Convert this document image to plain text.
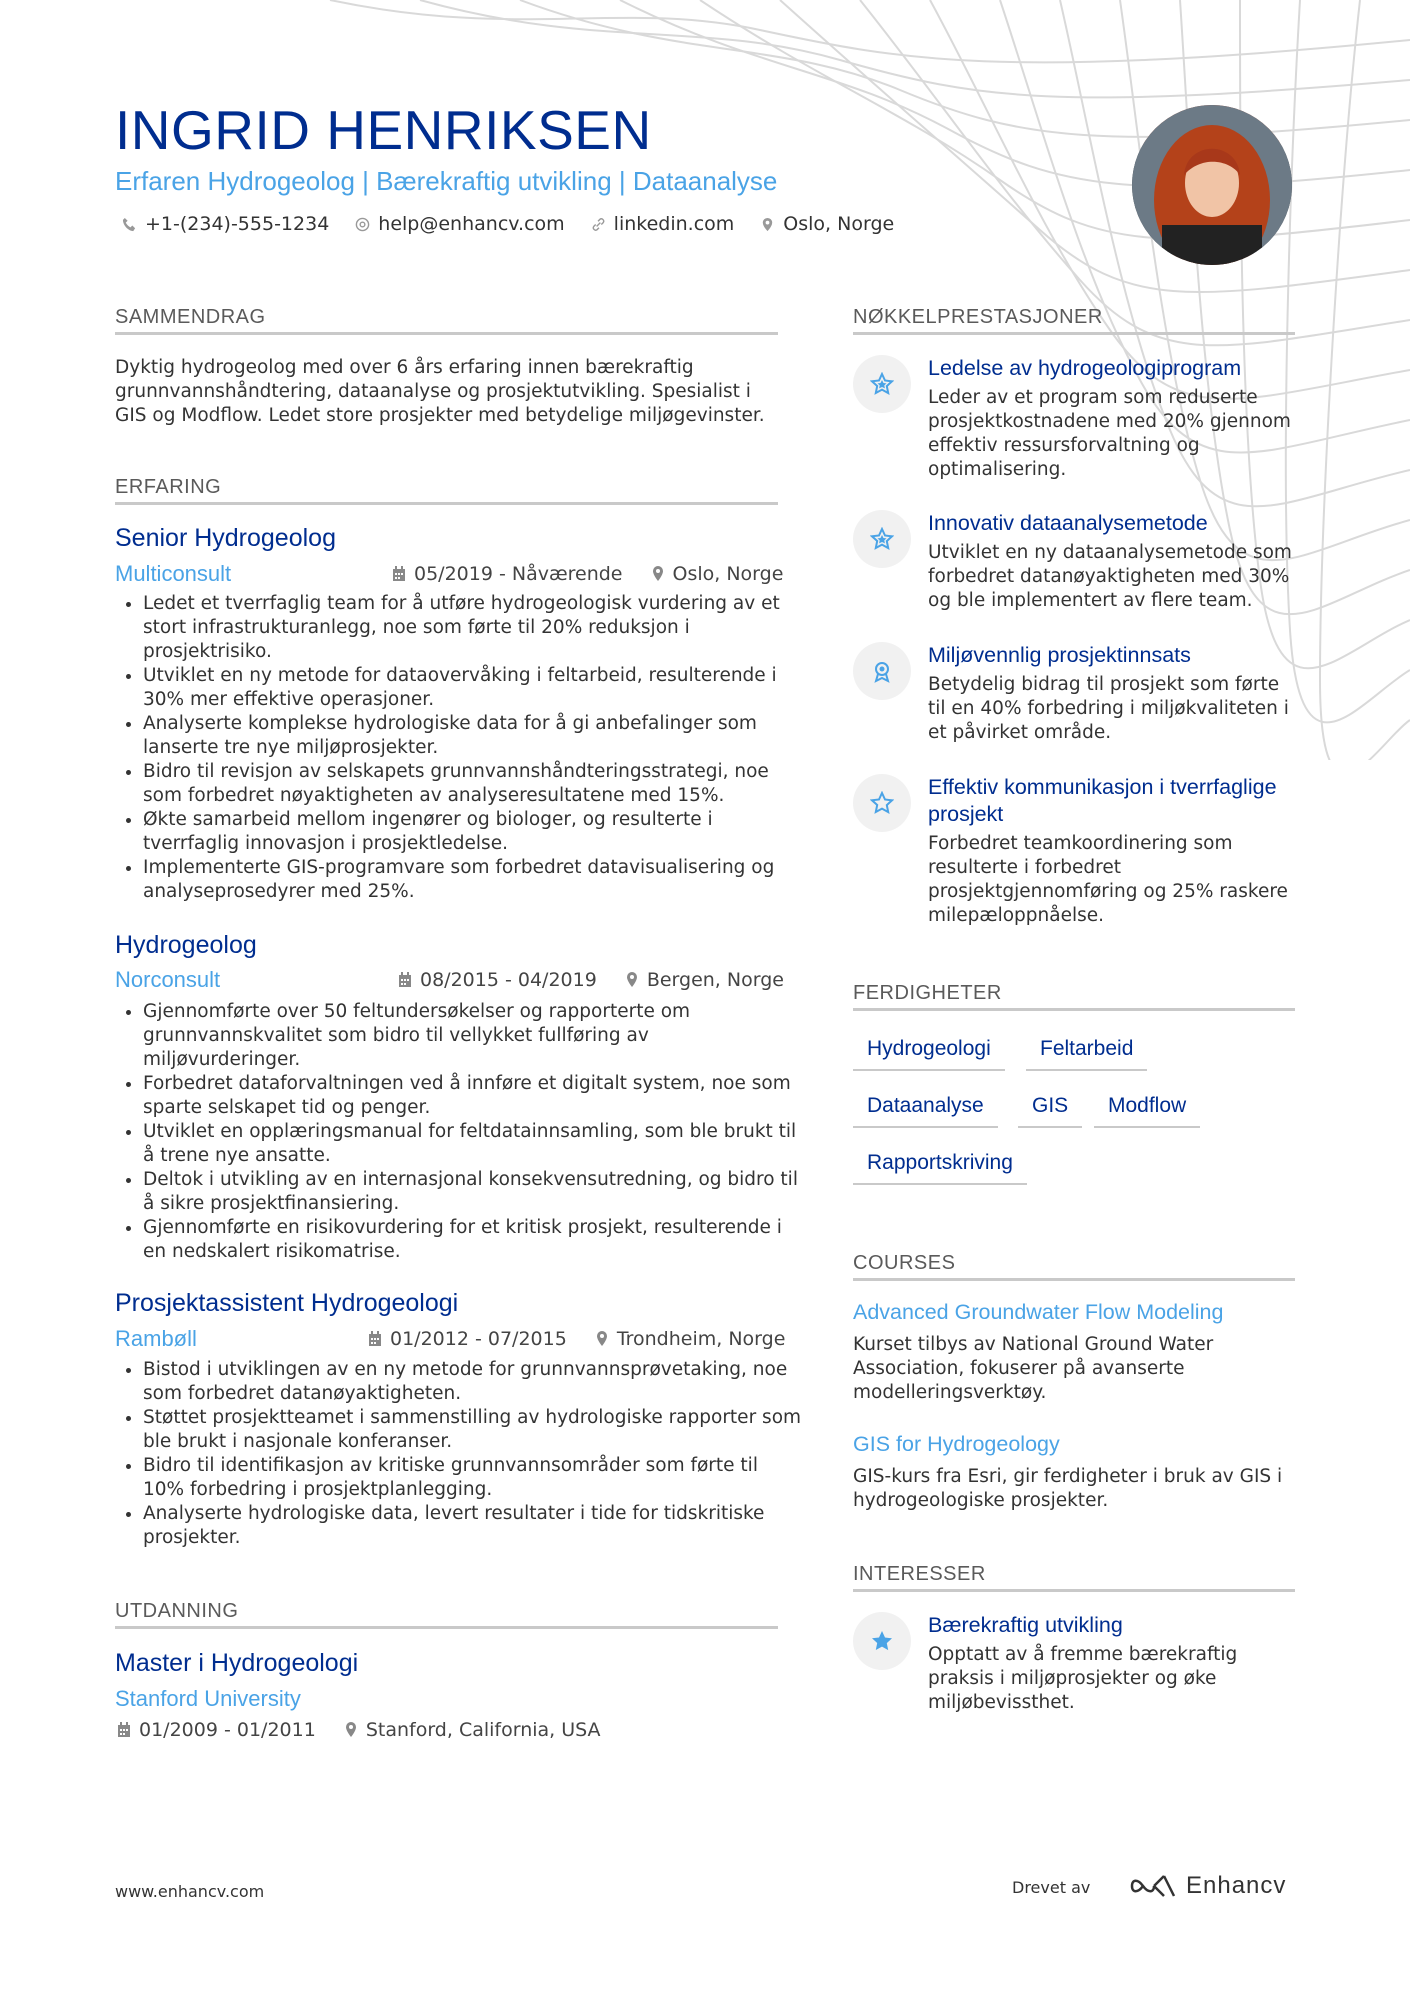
INGRID HENRIKSEN
Erfaren Hydrogeolog | Bærekraftig utvikling | Dataanalyse
+1-(234)-555-1234	help@enhancv.com	linkedin.com	Oslo, Norge
SAMMENDRAG
Dyktig hydrogeolog med over 6 års erfaring innen bærekraftig grunnvannshåndtering, dataanalyse og prosjektutvikling. Spesialist i GIS og Modflow. Ledet store prosjekter med betydelige miljøgevinster.
ERFARING
Senior Hydrogeolog
Multiconsult	05/2019 - Nåværende	Oslo, Norge
• Ledet et tverrfaglig team for å utføre hydrogeologisk vurdering av et stort infrastrukturanlegg, noe som førte til 20% reduksjon i prosjektrisiko.
• Utviklet en ny metode for dataovervåking i feltarbeid, resulterende i 30% mer effektive operasjoner.
• Analyserte komplekse hydrologiske data for å gi anbefalinger som lanserte tre nye miljøprosjekter.
• Bidro til revisjon av selskapets grunnvannshåndteringsstrategi, noe som forbedret nøyaktigheten av analyseresultatene med 15%.
• Økte samarbeid mellom ingenører og biologer, og resulterte i tverrfaglig innovasjon i prosjektledelse.
• Implementerte GIS-programvare som forbedret datavisualisering og analyseprosedyrer med 25%.
Hydrogeolog
Norconsult	08/2015 - 04/2019	Bergen, Norge
• Gjennomførte over 50 feltundersøkelser og rapporterte om grunnvannskvalitet som bidro til vellykket fullføring av miljøvurderinger.
• Forbedret dataforvaltningen ved å innføre et digitalt system, noe som sparte selskapet tid og penger.
• Utviklet en opplæringsmanual for feltdatainnsamling, som ble brukt til å trene nye ansatte.
• Deltok i utvikling av en internasjonal konsekvensutredning, og bidro til å sikre prosjektfinansiering.
• Gjennomførte en risikovurdering for et kritisk prosjekt, resulterende i en nedskalert risikomatrise.
Prosjektassistent Hydrogeologi
Rambøll	01/2012 - 07/2015	Trondheim, Norge
• Bistod i utviklingen av en ny metode for grunnvannsprøvetaking, noe som forbedret datanøyaktigheten.
• Støttet prosjektteamet i sammenstilling av hydrologiske rapporter som ble brukt i nasjonale konferanser.
• Bidro til identifikasjon av kritiske grunnvannsområder som førte til 10% forbedring i prosjektplanlegging.
• Analyserte hydrologiske data, levert resultater i tide for tidskritiske prosjekter.
UTDANNING
Master i Hydrogeologi
Stanford University
01/2009 - 01/2011	Stanford, California, USA
NØKKELPRESTASJONER
Ledelse av hydrogeologiprogram
Leder av et program som reduserte prosjektkostnadene med 20% gjennom effektiv ressursforvaltning og optimalisering.
Innovativ dataanalysemetode
Utviklet en ny dataanalysemetode som forbedret datanøyaktigheten med 30% og ble implementert av flere team.
Miljøvennlig prosjektinnsats
Betydelig bidrag til prosjekt som førte til en 40% forbedring i miljøkvaliteten i et påvirket område.
Effektiv kommunikasjon i tverrfaglige prosjekt
Forbedret teamkoordinering som resulterte i forbedret prosjektgjennomføring og 25% raskere milepæloppnåelse.
FERDIGHETER
Hydrogeologi	Feltarbeid
Dataanalyse	GIS	Modflow
Rapportskriving
COURSES
Advanced Groundwater Flow Modeling
Kurset tilbys av National Ground Water Association, fokuserer på avanserte modelleringsverktøy.
GIS for Hydrogeology
GIS-kurs fra Esri, gir ferdigheter i bruk av GIS i hydrogeologiske prosjekter.
INTERESSER
Bærekraftig utvikling
Opptatt av å fremme bærekraftig praksis i miljøprosjekter og øke miljøbevissthet.
www.enhancv.com	Drevet av	Enhancv
